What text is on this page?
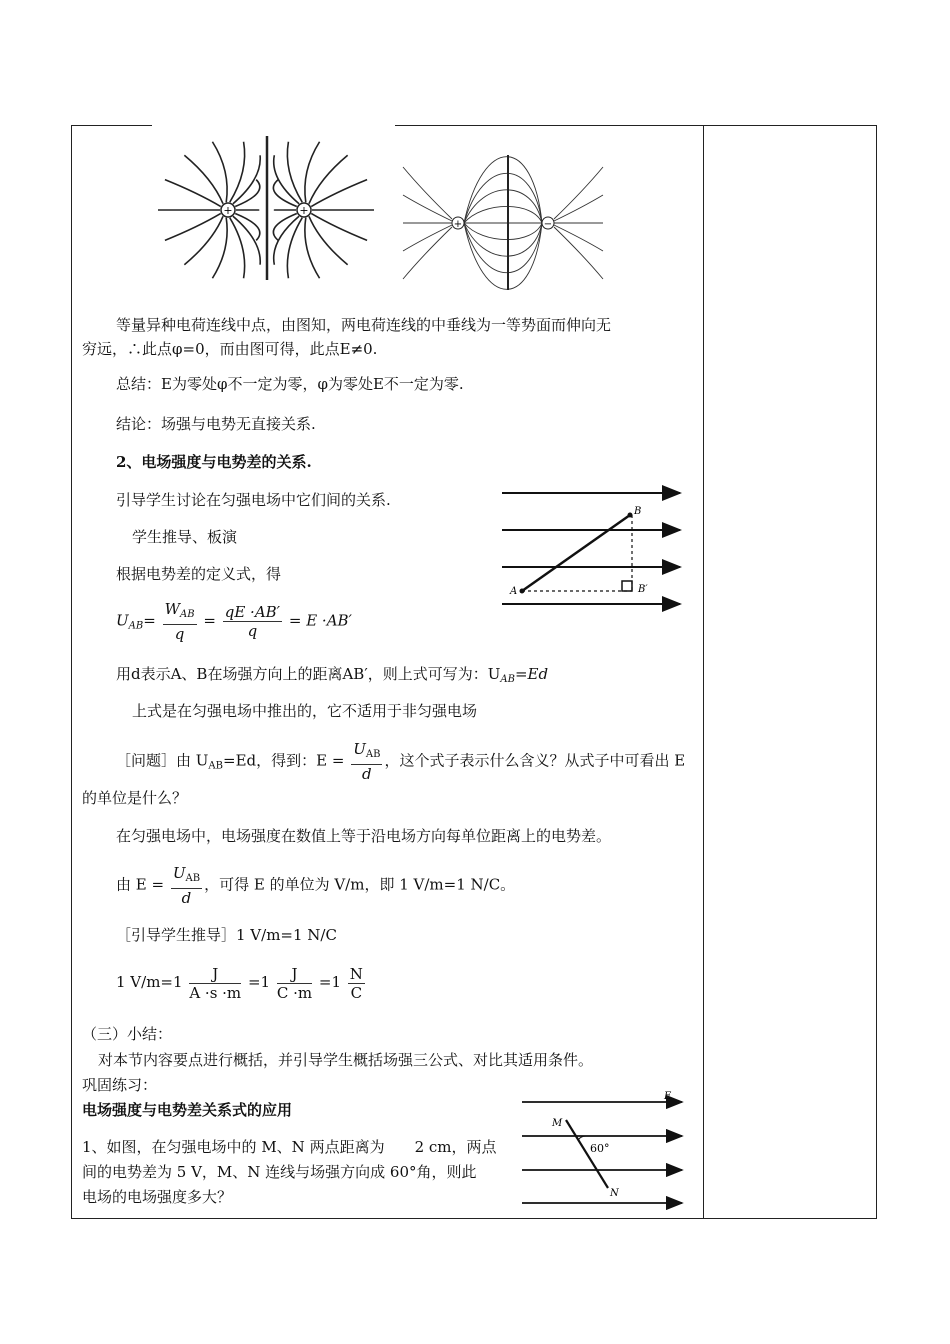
+	+
+	−
等量异种电荷连线中点，由图知，两电荷连线的中垂线为一等势面而伸向无
穷远，∴此点φ=0，而由图可得，此点E≠0.
总结：E为零处φ不一定为零，φ为零处E不一定为零.
结论：场强与电势无直接关系.
2、电场强度与电势差的关系.
引导学生讨论在匀强电场中它们间的关系.
学生推导、板演
根据电势差的定义式，得
$U_{AB}= \frac{W_{AB}}{q} = \frac{qE \cdot AB'}{q} = E \cdot AB'$
用d表示A、B在场强方向上的距离AB′，则上式可写为：$U_{AB}=Ed$
上式是在匀强电场中推出的，它不适用于非匀强电场
［问题］由 $U_{AB}=Ed$，得到：$E = \frac{U_{AB}}{d}$ ，这个式子表示什么含义？从式子中可看出 E
的单位是什么？
在匀强电场中，电场强度在数值上等于沿电场方向每单位距离上的电势差。
由 $E = \frac{U_{AB}}{d}$ ，可得 E 的单位为 V/m，即 1 V/m=1 N/C。
［引导学生推导］1 V/m=1 N/C
1 $V/m=1 \frac{J}{A \cdot s \cdot m} =1 \frac{J}{C \cdot m} =1 \frac{N}{C}$
（三）小结：
对本节内容要点进行概括，并引导学生概括场强三公式、对比其适用条件。
巩固练习：
电场强度与电势差关系式的应用
1、如图，在匀强电场中的 M、N 两点距离为　　2 cm，两点
间的电势差为 5 V，M、N 连线与场强方向成 60°角，则此
电场的电场强度多大？
A
B
B′
E
M
N
60°
